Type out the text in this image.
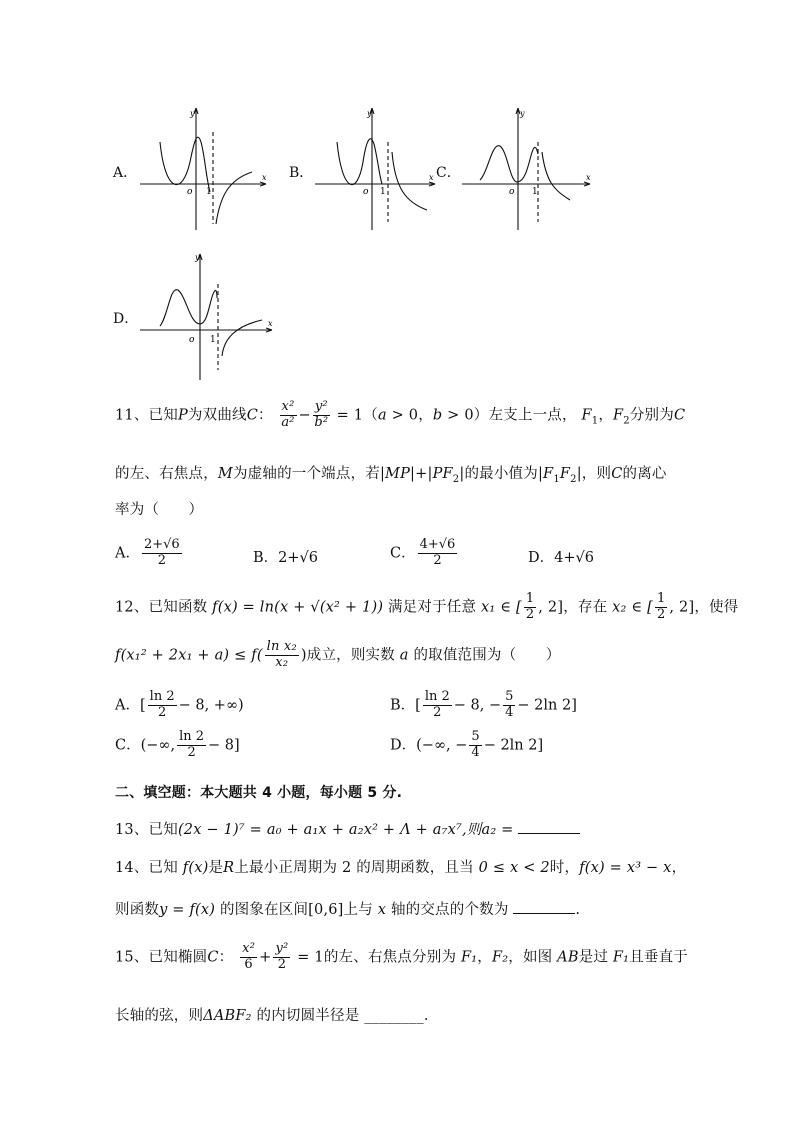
A．
y
x
o 1
B．
y
x
o 1
C．
y
x
o 1
D．
y
x
o 1
11、已知P为双曲线C： $\frac{\text{x²}}{\text{a²}} - \frac{\text{y²}}{\text{b²}} = 1(a > 0$，b > 0）左支上一点， $F_1$，$F_2$分别为C
的左、右焦点，M为虚轴的一个端点，若$|MP|+|PF_2|$的最小值为$|F_1F_2|$，则C的离心
率为（　　）
A． $\frac{2+√6}{2}$	B．2+√6	C． $\frac{4+√6}{2}$	D．4+√6
12、已知函数 f(x) = ln(x + √(x² + 1)) 满足对于任意 x₁ ∈ [ $\frac{1}{2}$ , 2]，存在 x₂ ∈ [ $\frac{1}{2}$ , 2]，使得
$f(x_1^2 + 2x_1 + a) \le f( \frac{\text{ln x₂}}{\text{x₂}}$ )成立，则实数 a 的取值范围为（　　）
A．[ $\frac{\ln 2}{2} - 8$, +∞)	B．[ $\frac{\ln 2}{2} - 8$, − $\frac{5}{4} - 2\ln$ 2]
C．(−∞, $\frac{\ln 2}{2} - 8$]	D．(−∞, − $\frac{5}{4} - 2\ln$ 2]
二、填空题：本大题共 4 小题，每小题 5 分.
13、已知(2x − 1)⁷ = a₀ + a₁x + a₂x² + Λ + a₇x⁷,则a₂ =
14、已知 f(x)是R上最小正周期为 2 的周期函数，且当 0 ≤ x < 2时，f(x) = x³ − x，
则函数y = f(x) 的图象在区间[0,6]上与 x 轴的交点的个数为	.
15、已知椭圆C： $\frac{\text{x²}}{6} + \frac{\text{y²}}{2} = 1$的左、右焦点分别为 F₁，F₂，如图 AB是过 F₁且垂直于
长轴的弦，则ΔABF₂ 的内切圆半径是 ________.
